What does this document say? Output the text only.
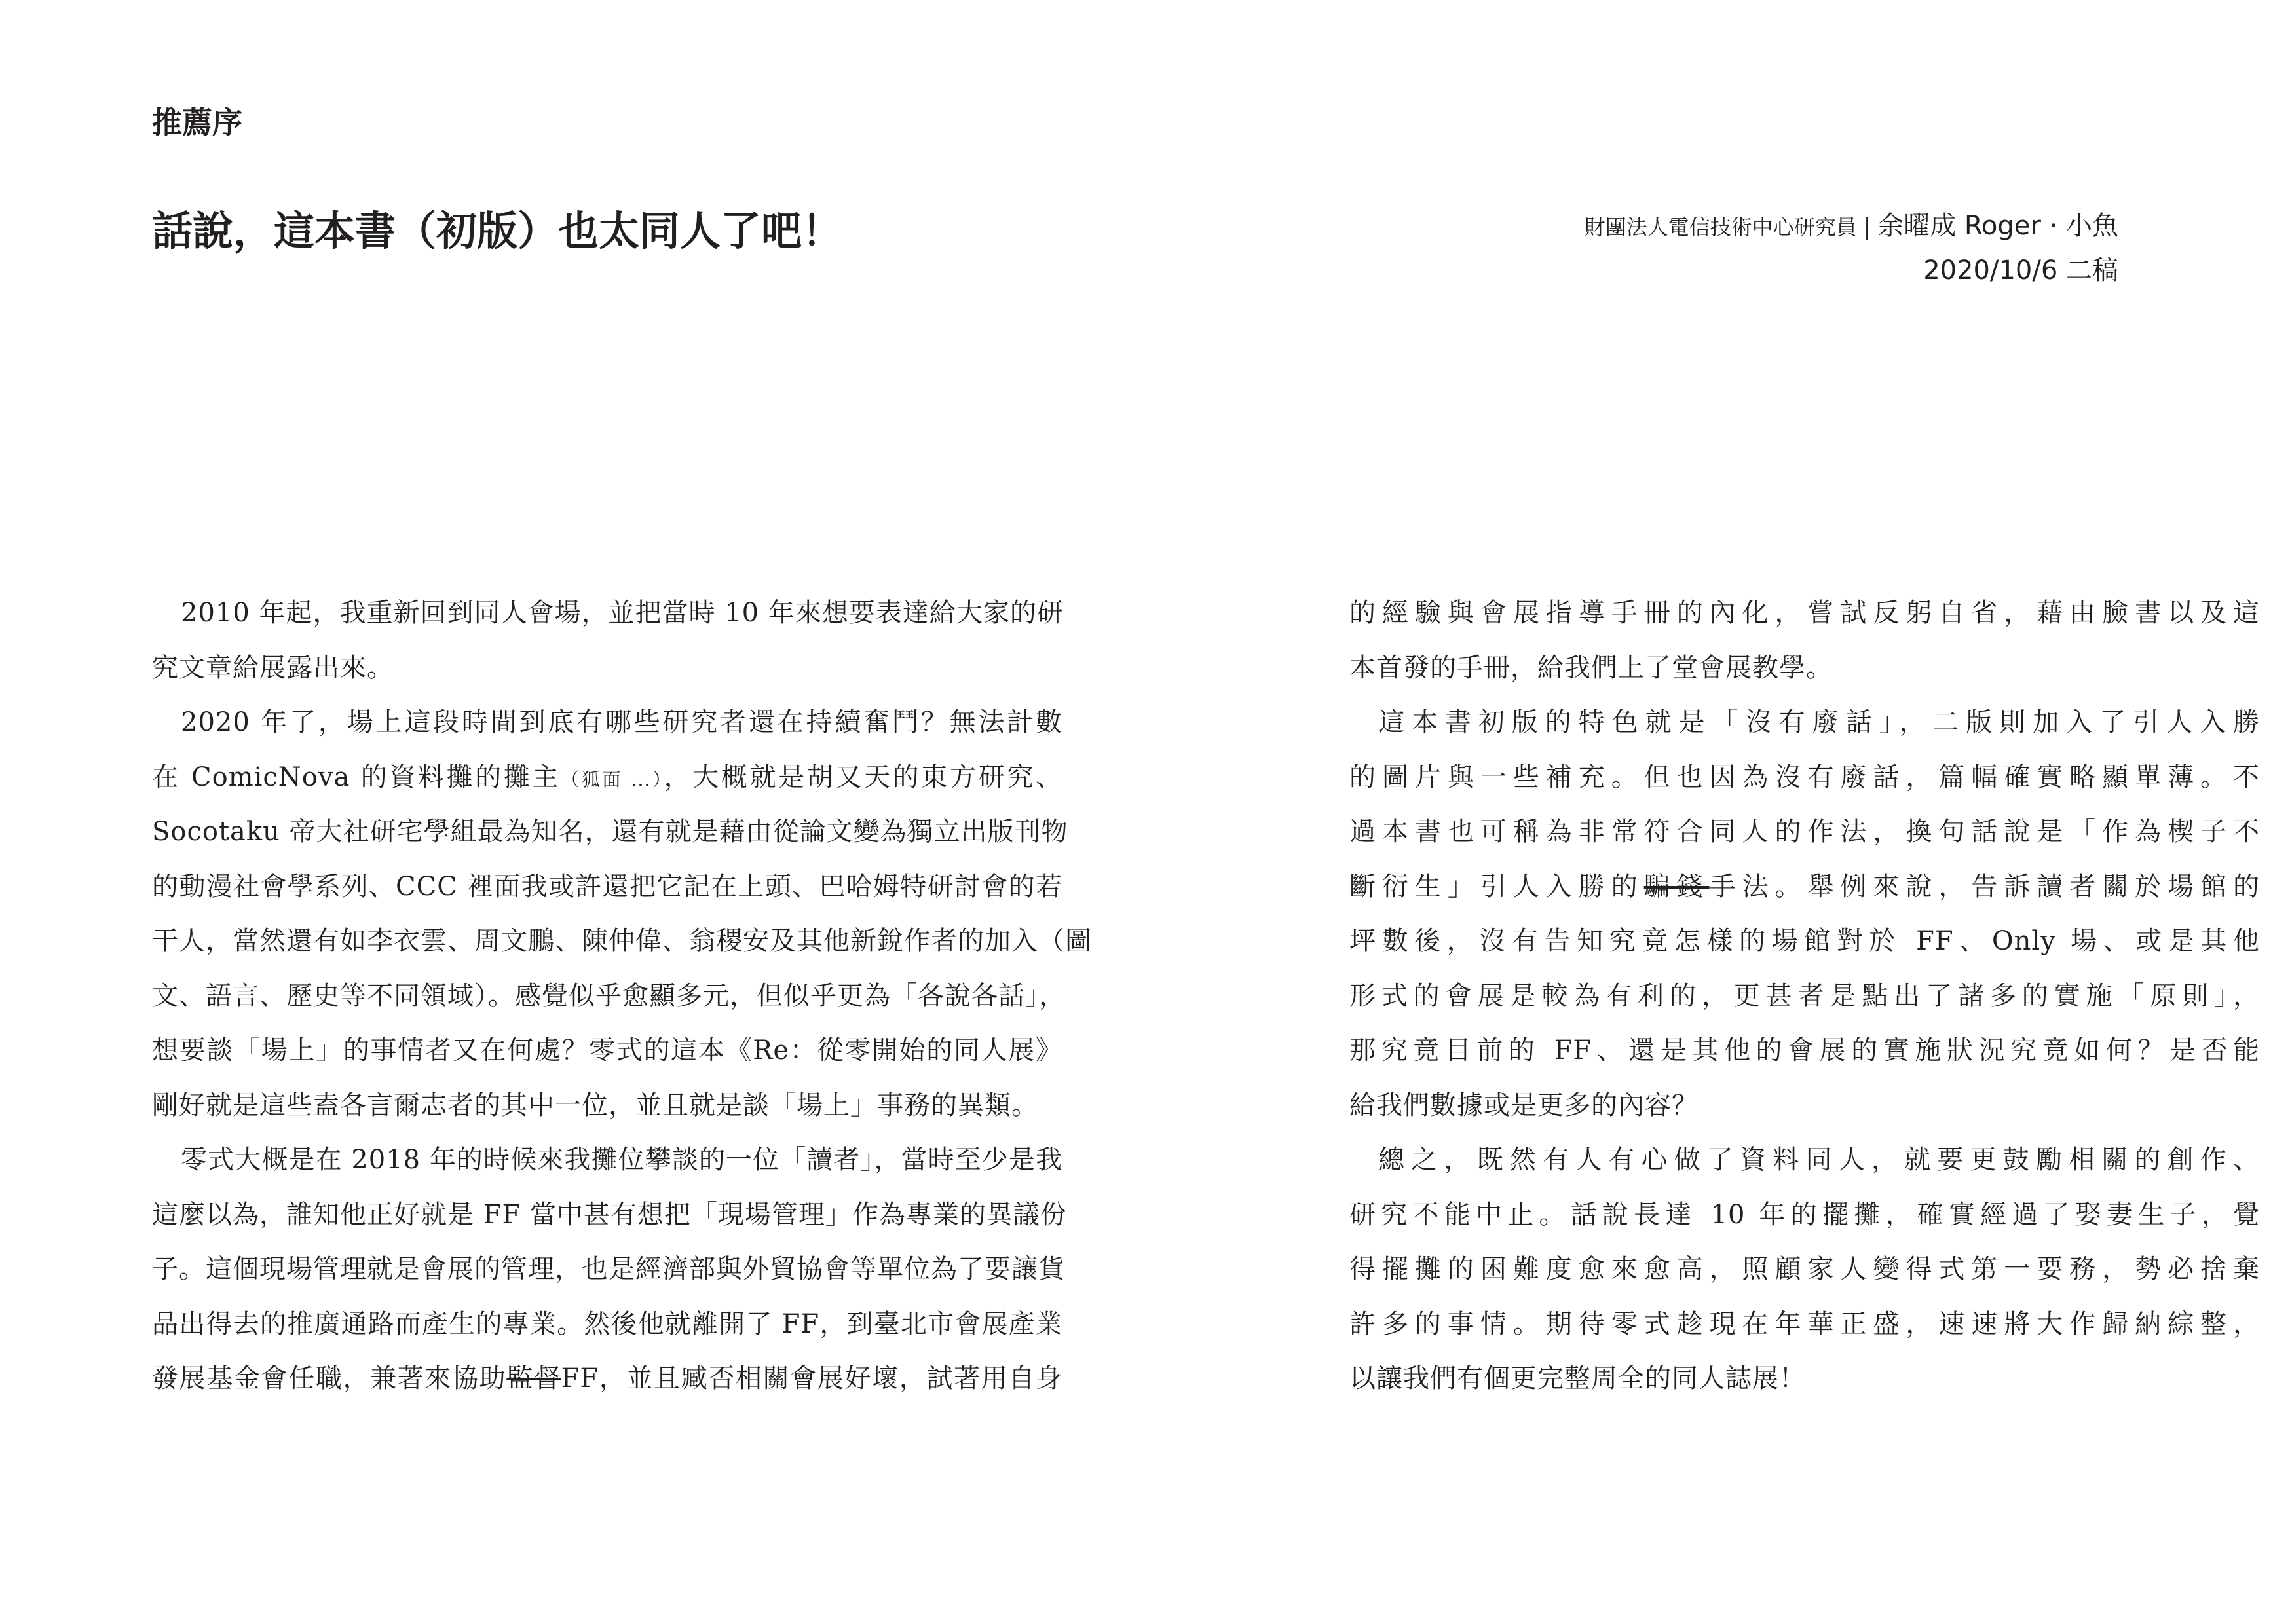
推薦序
話說，這本書（初版）也太同人了吧！	財團法人電信技術中心研究員 | 余曜成 Roger · 小魚
2020/10/6 二稿
2010 年起，我重新回到同人會場，並把當時 10 年來想要表達給大家的研
究文章給展露出來。
2020 年了，場上這段時間到底有哪些研究者還在持續奮鬥？無法計數
在 ComicNova 的資料攤的攤主（狐面 ...），大概就是胡又天的東方研究、
Socotaku 帝大社研宅學組最為知名，還有就是藉由從論文變為獨立出版刊物
的動漫社會學系列、CCC 裡面我或許還把它記在上頭、巴哈姆特研討會的若
干人，當然還有如李衣雲、周文鵬、陳仲偉、翁稷安及其他新銳作者的加入（圖
文、語言、歷史等不同領域）。感覺似乎愈顯多元，但似乎更為「各說各話」，
想要談「場上」的事情者又在何處？零式的這本《Re：從零開始的同人展》
剛好就是這些盍各言爾志者的其中一位，並且就是談「場上」事務的異類。
零式大概是在 2018 年的時候來我攤位攀談的一位「讀者」，當時至少是我
這麼以為，誰知他正好就是 FF 當中甚有想把「現場管理」作為專業的異議份
子。這個現場管理就是會展的管理，也是經濟部與外貿協會等單位為了要讓貨
品出得去的推廣通路而產生的專業。然後他就離開了 FF，到臺北市會展產業
發展基金會任職，兼著來協助監督FF，並且臧否相關會展好壞，試著用自身
的經驗與會展指導手冊的內化，嘗試反躬自省，藉由臉書以及這
本首發的手冊，給我們上了堂會展教學。
這本書初版的特色就是「沒有廢話」，二版則加入了引人入勝
的圖片與一些補充。但也因為沒有廢話，篇幅確實略顯單薄。不
過本書也可稱為非常符合同人的作法，換句話說是「作為楔子不
斷衍生」引人入勝的騙錢手法。舉例來說，告訴讀者關於場館的
坪數後，沒有告知究竟怎樣的場館對於 FF、Only 場、或是其他
形式的會展是較為有利的，更甚者是點出了諸多的實施「原則」，
那究竟目前的 FF、還是其他的會展的實施狀況究竟如何？是否能
給我們數據或是更多的內容？
總之，既然有人有心做了資料同人，就要更鼓勵相關的創作、
研究不能中止。話說長達 10 年的擺攤，確實經過了娶妻生子，覺
得擺攤的困難度愈來愈高，照顧家人變得式第一要務，勢必捨棄
許多的事情。期待零式趁現在年華正盛，速速將大作歸納綜整，
以讓我們有個更完整周全的同人誌展！
